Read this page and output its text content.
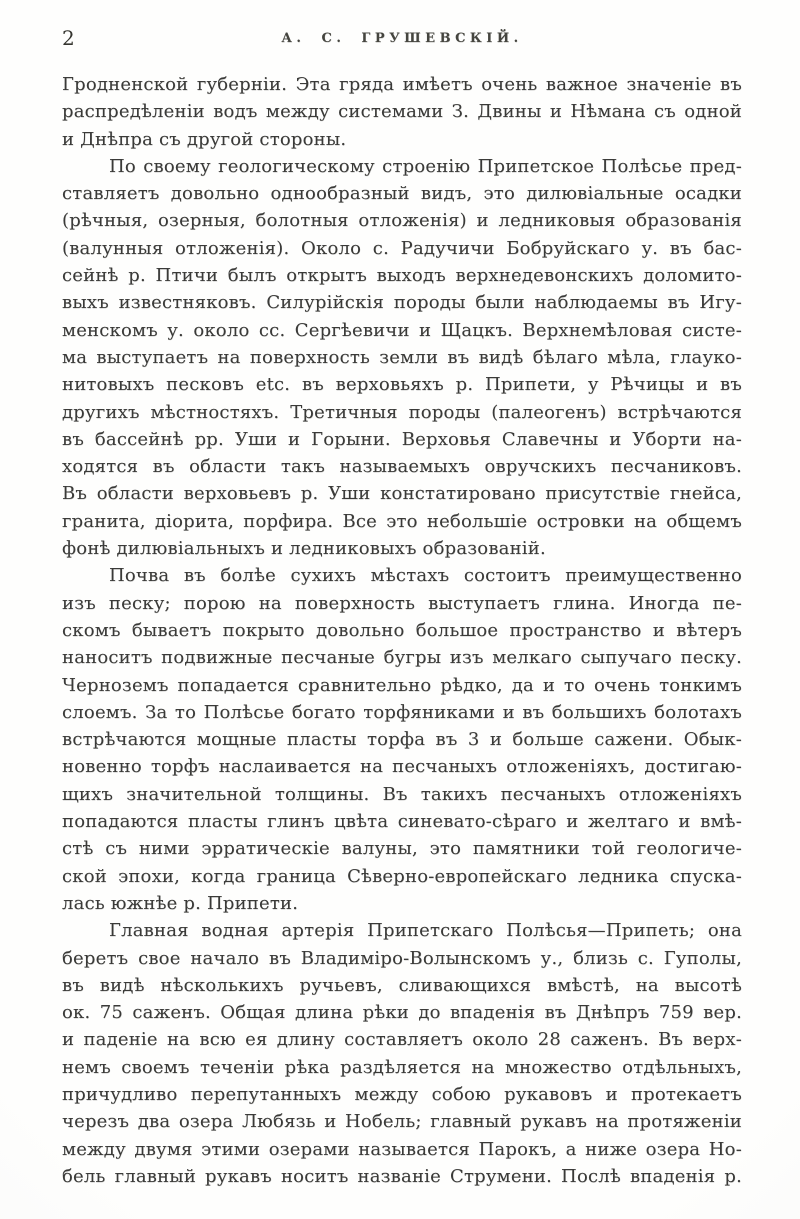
2	А. С. ГРУШЕВСКІЙ.
Гродненской губерніи. Эта гряда имѣетъ очень важное значеніе въ
распредѣленіи водъ между системами З. Двины и Нѣмана съ одной
и Днѣпра съ другой стороны.
По своему геологическому строенію Припетское Полѣсье пред-
ставляетъ довольно однообразный видъ, это дилювіальные осадки
(рѣчныя, озерныя, болотныя отложенія) и ледниковыя образованія
(валунныя отложенія). Около с. Радучичи Бобруйскаго у. въ бас-
сейнѣ р. Птичи былъ открытъ выходъ верхнедевонскихъ доломито-
выхъ известняковъ. Силурійскія породы были наблюдаемы въ Игу-
менскомъ у. около сс. Сергѣевичи и Щацкъ. Верхнемѣловая систе-
ма выступаетъ на поверхность земли въ видѣ бѣлаго мѣла, глауко-
нитовыхъ песковъ etc. въ верховьяхъ р. Припети, у Рѣчицы и въ
другихъ мѣстностяхъ. Третичныя породы (палеогенъ) встрѣчаются
въ бассейнѣ рр. Уши и Горыни. Верховья Славечны и Уборти на-
ходятся въ области такъ называемыхъ овручскихъ песчаниковъ.
Въ области верховьевъ р. Уши констатировано присутствіе гнейса,
гранита, діорита, порфира. Все это небольшіе островки на общемъ
фонѣ дилювіальныхъ и ледниковыхъ образованій.
Почва въ болѣе сухихъ мѣстахъ состоитъ преимущественно
изъ песку; порою на поверхность выступаетъ глина. Иногда пе-
скомъ бываетъ покрыто довольно большое пространство и вѣтеръ
наноситъ подвижные песчаные бугры изъ мелкаго сыпучаго песку.
Черноземъ попадается сравнительно рѣдко, да и то очень тонкимъ
слоемъ. За то Полѣсье богато торфяниками и въ большихъ болотахъ
встрѣчаются мощные пласты торфа въ 3 и больше сажени. Обык-
новенно торфъ наслаивается на песчаныхъ отложеніяхъ, достигаю-
щихъ значительной толщины. Въ такихъ песчаныхъ отложеніяхъ
попадаются пласты глинъ цвѣта синевато-сѣраго и желтаго и вмѣ-
стѣ съ ними эрратическіе валуны, это памятники той геологиче-
ской эпохи, когда граница Сѣверно-европейскаго ледника спуска-
лась южнѣе р. Припети.
Главная водная артерія Припетскаго Полѣсья—Припеть; она
беретъ свое начало въ Владиміро-Волынскомъ у., близь с. Гуполы,
въ видѣ нѣсколькихъ ручьевъ, сливающихся вмѣстѣ, на высотѣ
ок. 75 саженъ. Общая длина рѣки до впаденія въ Днѣпръ 759 вер.
и паденіе на всю ея длину составляетъ около 28 саженъ. Въ верх-
немъ своемъ теченіи рѣка раздѣляется на множество отдѣльныхъ,
причудливо перепутанныхъ между собою рукавовъ и протекаетъ
черезъ два озера Любязь и Нобель; главный рукавъ на протяженіи
между двумя этими озерами называется Парокъ, а ниже озера Но-
бель главный рукавъ носитъ названіе Струмени. Послѣ впаденія р.
